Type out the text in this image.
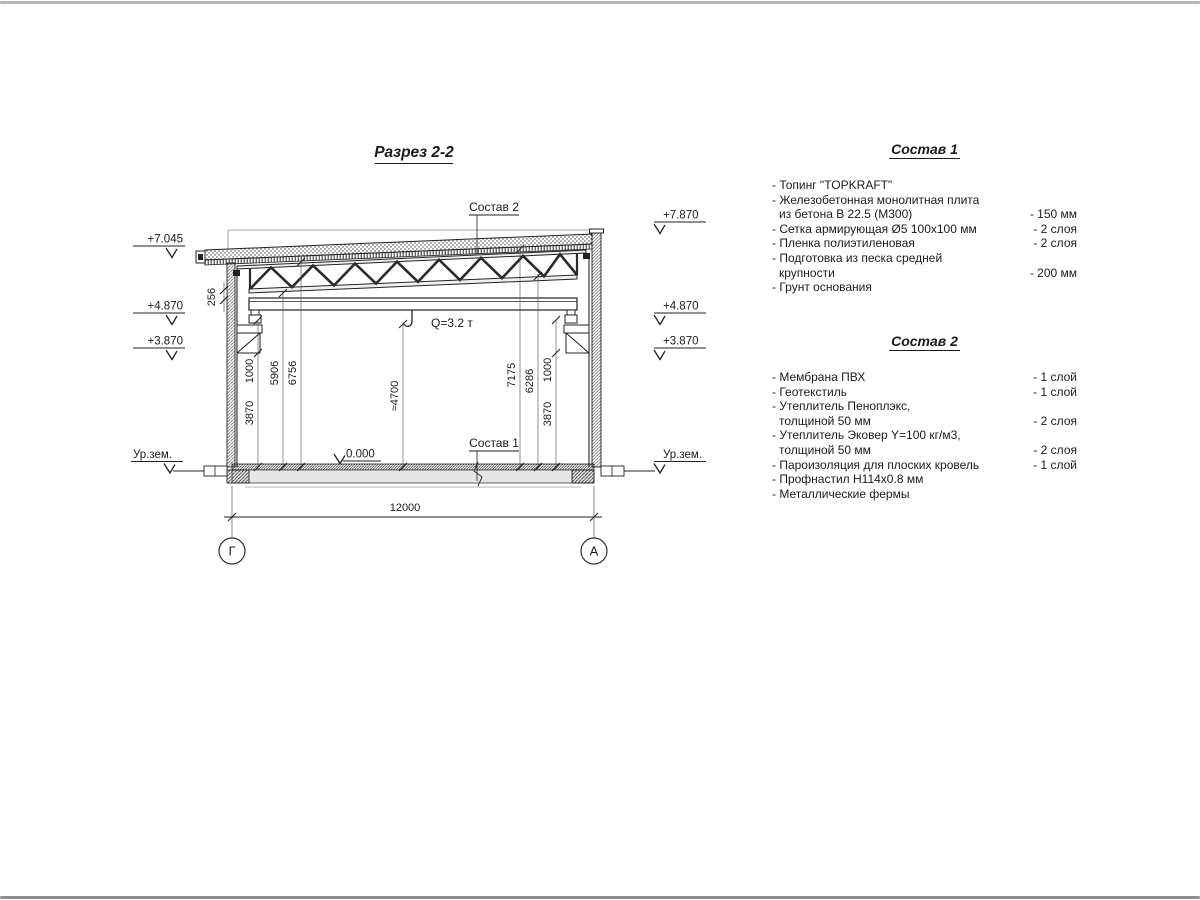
Разрез 2-2
Q=3.2 т
1000
3870
5906 6756
≈4700
7175 6286 1000
3870
256
12000
Г	А
+7.045
+4.870
+3.870
Ур.зем.
+7.870
+4.870
+3.870
Ур.зем.
0.000
Состав 2
Состав 1
Состав 1
- Топинг "TOPKRAFT"
- Железобетонная монолитная плита
из бетона В 22.5 (М300)	- 150 мм
- Сетка армирующая Ø5 100х100 мм	- 2 слоя
- Пленка полиэтиленовая	- 2 слоя
- Подготовка из песка средней
крупности	- 200 мм
- Грунт основания
Состав 2
- Мембрана ПВХ	- 1 слой
- Геотекстиль	- 1 слой
- Утеплитель Пеноплэкс,
толщиной 50 мм	- 2 слоя
- Утеплитель Эковер Y=100 кг/м3,
толщиной 50 мм	- 2 слоя
- Пароизоляция для плоских кровель	- 1 слой
- Профнастил Н114х0.8 мм
- Металлические фермы
